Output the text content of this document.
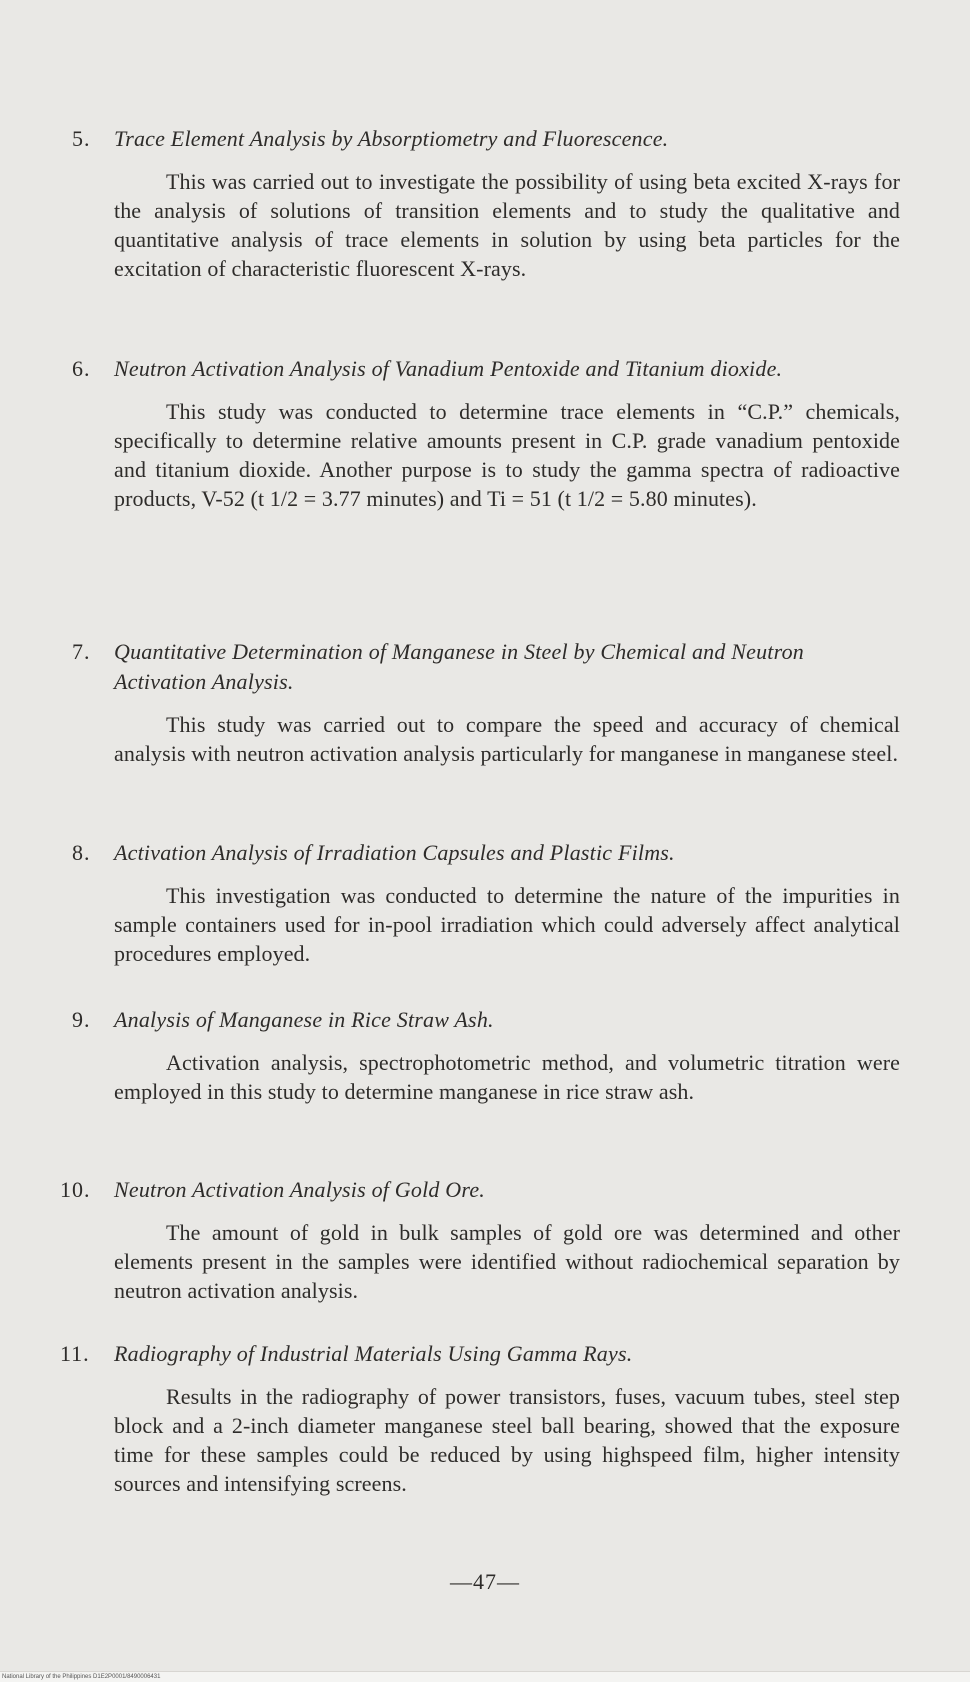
5. Trace Element Analysis by Absorptiometry and Fluorescence.
This was carried out to investigate the possibility of using beta excited X-rays for the analysis of solutions of transition elements and to study the qualitative and quantitative analysis of trace elements in solution by using beta particles for the excitation of characteristic fluorescent X-rays.
6. Neutron Activation Analysis of Vanadium Pentoxide and Titanium dioxide.
This study was conducted to determine trace elements in “C.P.” chemicals, specifically to determine relative amounts present in C.P. grade vanadium pentoxide and titanium dioxide. Another purpose is to study the gamma spectra of radioactive products, V-52 (t 1/2 = 3.77 minutes) and Ti = 51 (t 1/2 = 5.80 minutes).
7. Quantitative Determination of Manganese in Steel by Chemical and Neutron Activation Analysis.
This study was carried out to compare the speed and accuracy of chemical analysis with neutron activation analysis particularly for manganese in manganese steel.
8. Activation Analysis of Irradiation Capsules and Plastic Films.
This investigation was conducted to determine the nature of the impurities in sample containers used for in-pool irradiation which could adversely affect analytical procedures employed.
9. Analysis of Manganese in Rice Straw Ash.
Activation analysis, spectrophotometric method, and volumetric titration were employed in this study to determine manganese in rice straw ash.
10. Neutron Activation Analysis of Gold Ore.
The amount of gold in bulk samples of gold ore was determined and other elements present in the samples were identified without radiochemical separation by neutron activation analysis.
11. Radiography of Industrial Materials Using Gamma Rays.
Results in the radiography of power transistors, fuses, vacuum tubes, steel step block and a 2-inch diameter manganese steel ball bearing, showed that the exposure time for these samples could be reduced by using highspeed film, higher intensity sources and intensifying screens.
—47—
National Library of the Philippines D1E2P0001/8490006431
